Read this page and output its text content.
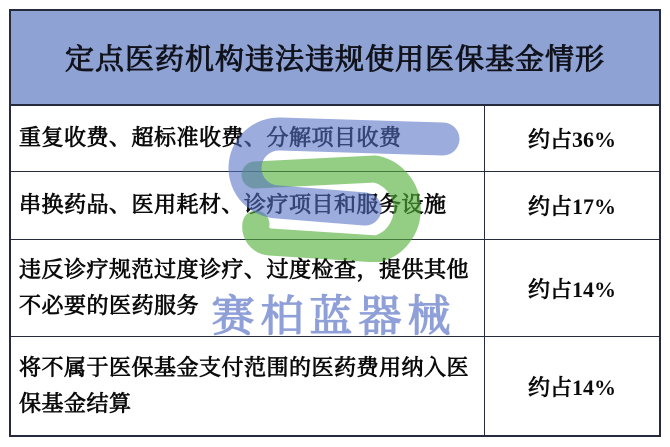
定点医药机构违法违规使用医保基金情形
重复收费、超标准收费、分解项目收费	约占36%
串换药品、医用耗材、诊疗项目和服务设施	约占17%
违反诊疗规范过度诊疗、过度检查，提供其他不必要的医药服务
约占14%
将不属于医保基金支付范围的医药费用纳入医保基金结算
约占14%
赛柏蓝器械
